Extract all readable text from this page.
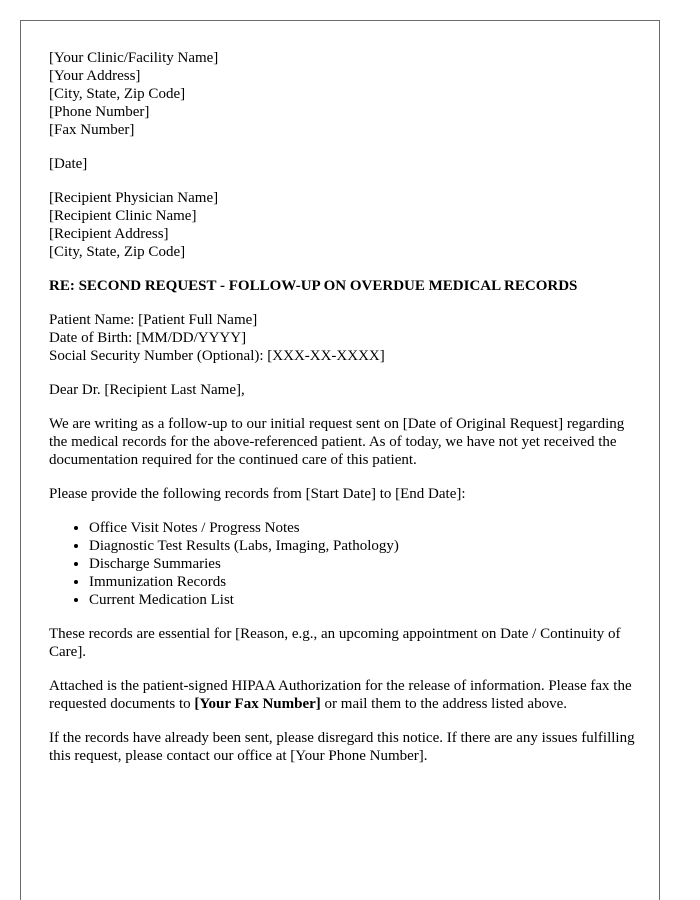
[Your Clinic/Facility Name]
[Your Address]
[City, State, Zip Code]
[Phone Number]
[Fax Number]
[Date]
[Recipient Physician Name]
[Recipient Clinic Name]
[Recipient Address]
[City, State, Zip Code]
RE: SECOND REQUEST - FOLLOW-UP ON OVERDUE MEDICAL RECORDS
Patient Name: [Patient Full Name]
Date of Birth: [MM/DD/YYYY]
Social Security Number (Optional): [XXX-XX-XXXX]

Dear Dr. [Recipient Last Name],

We are writing as a follow-up to our initial request sent on [Date of Original Request] regarding the medical records for the above-referenced patient. As of today, we have not yet received the documentation required for the continued care of this patient.

Please provide the following records from [Start Date] to [End Date]:

• Office Visit Notes / Progress Notes
• Diagnostic Test Results (Labs, Imaging, Pathology)
• Discharge Summaries
• Immunization Records
• Current Medication List

These records are essential for [Reason, e.g., an upcoming appointment on Date / Continuity of Care].

Attached is the patient-signed HIPAA Authorization for the release of information. Please fax the requested documents to [Your Fax Number] or mail them to the address listed above.

If the records have already been sent, please disregard this notice. If there are any issues fulfilling this request, please contact our office at [Your Phone Number].
